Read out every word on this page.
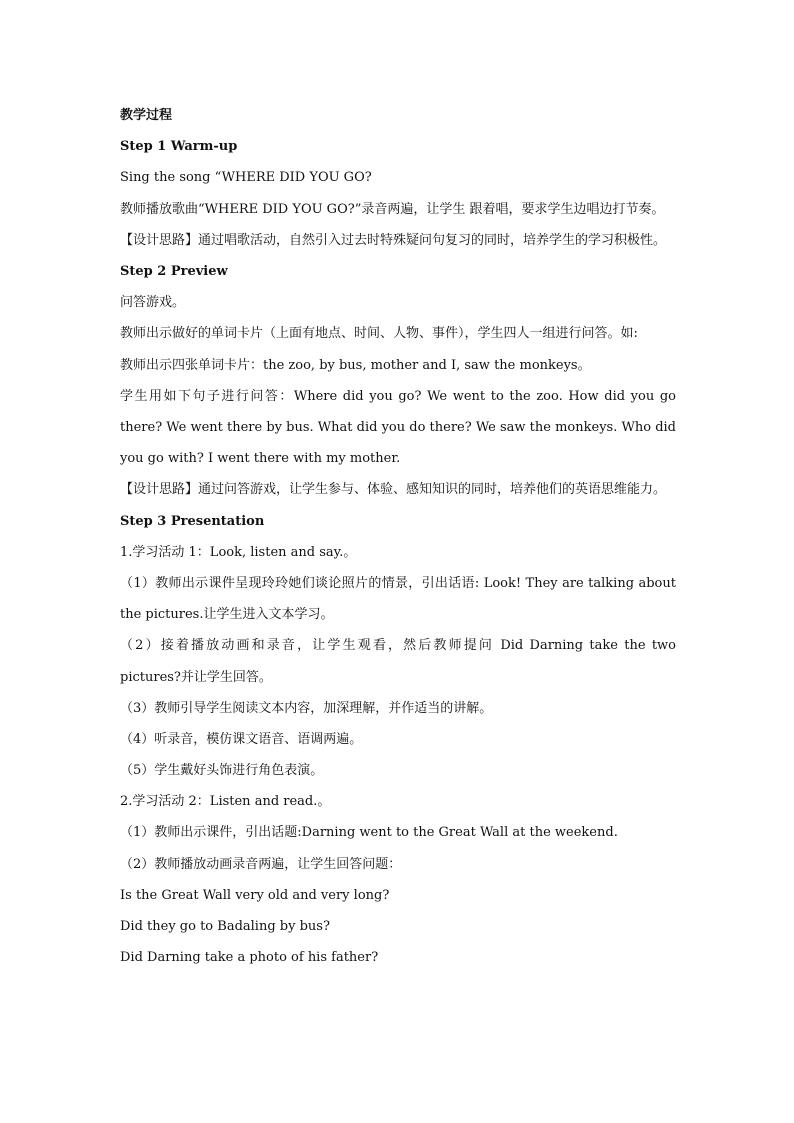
教学过程
Step 1 Warm-up
Sing the song “WHERE DID YOU GO?
教师播放歌曲“WHERE DID YOU GO?”录音两遍，让学生 跟着唱，要求学生边唱边打节奏。
【设计思路】通过唱歌活动，自然引入过去时特殊疑问句复习的同时，培养学生的学习积极性。
Step 2 Preview
问答游戏。
教师出示做好的单词卡片（上面有地点、时间、人物、事件），学生四人一组进行问答。如:
教师出示四张单词卡片：the zoo, by bus, mother and I, saw the monkeys。
学生用如下句子进行问答：Where did you go? We went to the zoo. How did you go there? We went there by bus. What did you do there? We saw the monkeys. Who did you go with? I went there with my mother.
【设计思路】通过问答游戏，让学生参与、体验、感知知识的同时，培养他们的英语思维能力。
Step 3 Presentation
1.学习活动 1：Look, listen and say.。
（1）教师出示课件呈现玲玲她们谈论照片的情景，引出话语: Look! They are talking about the pictures.让学生进入文本学习。
（2）接着播放动画和录音，让学生观看，然后教师提问 Did Darning take the two pictures?并让学生回答。
（3）教师引导学生阅读文本内容，加深理解，并作适当的讲解。
（4）听录音，模仿课文语音、语调两遍。
（5）学生戴好头饰进行角色表演。
2.学习活动 2：Listen and read.。
（1）教师出示课件，引出话题:Darning went to the Great Wall at the weekend.
（2）教师播放动画录音两遍，让学生回答问题：
Is the Great Wall very old and very long?
Did they go to Badaling by bus?
Did Darning take a photo of his father?
